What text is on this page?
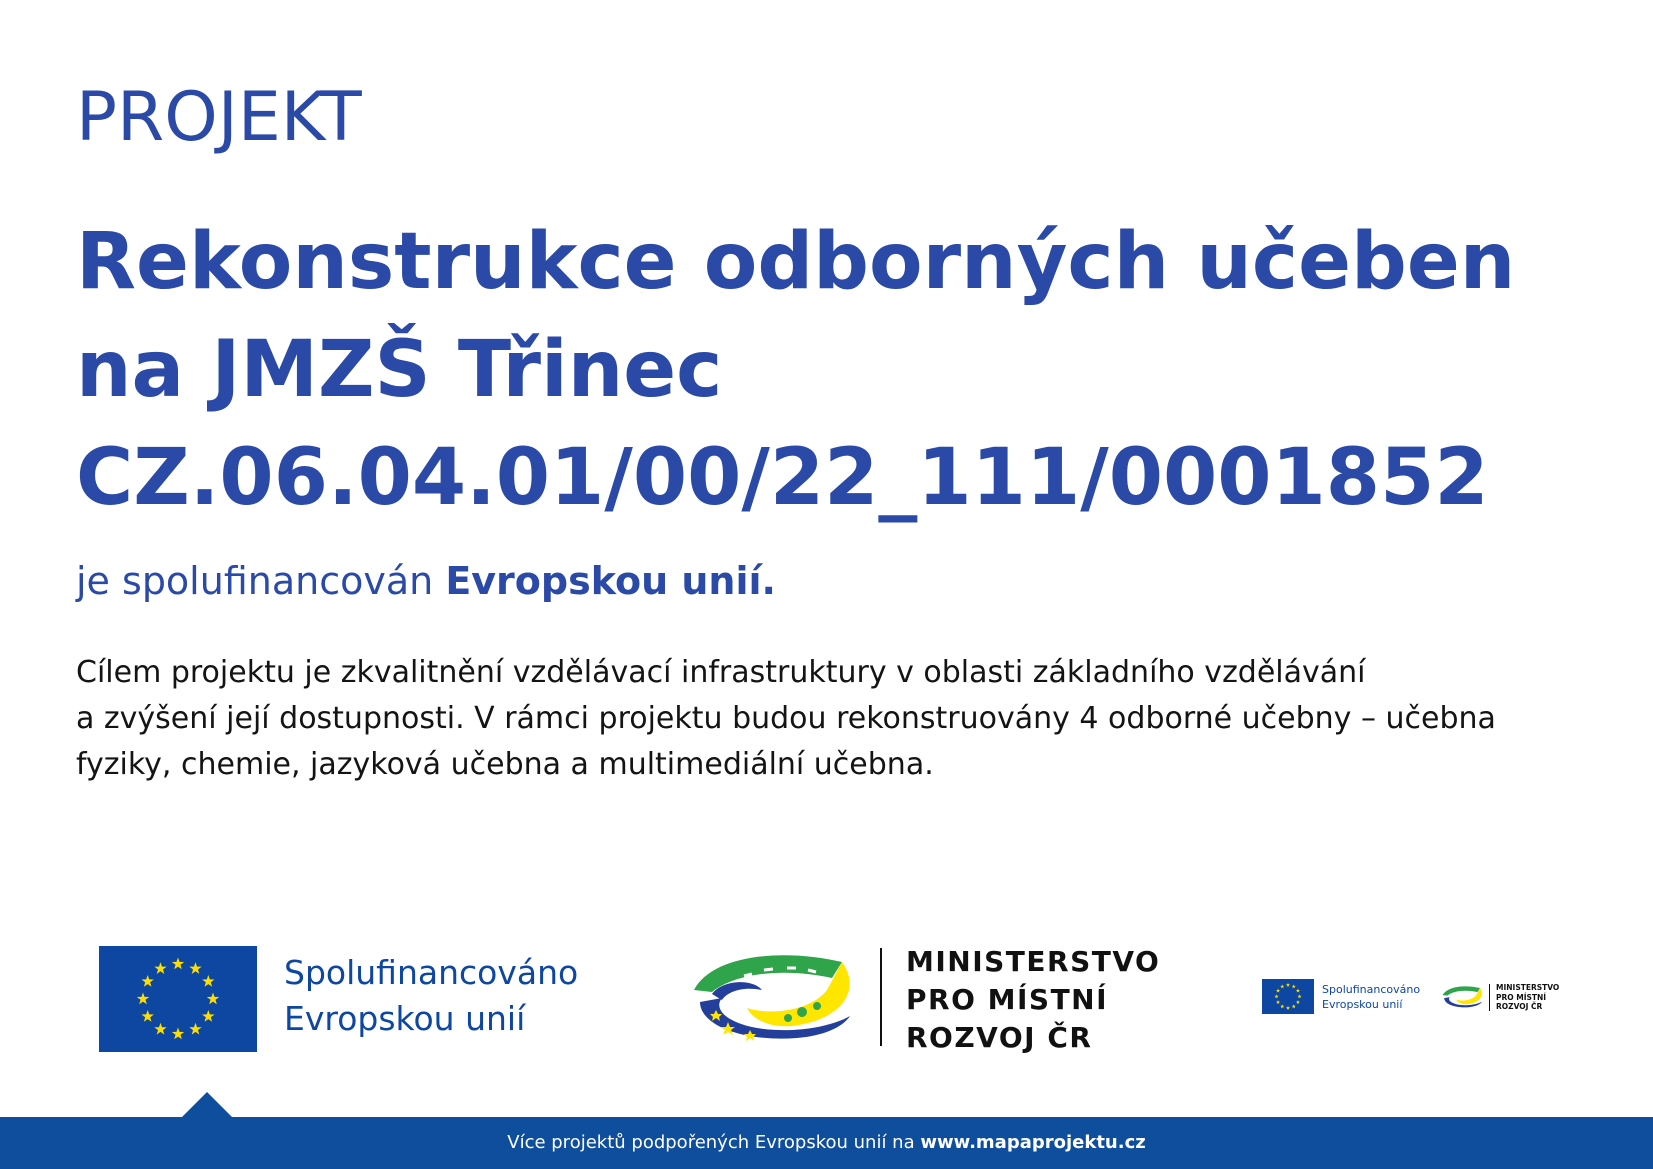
PROJEKT
Rekonstrukce odborných učeben
na JMZŠ Třinec
CZ.06.04.01/00/22_111/0001852
je spolufinancován Evropskou unií.
Cílem projektu je zkvalitnění vzdělávací infrastruktury v oblasti základního vzdělávání
a zvýšení její dostupnosti. V rámci projektu budou rekonstruovány 4 odborné učebny – učebna
fyziky, chemie, jazyková učebna a multimediální učebna.
Spolufinancováno
Evropskou unií
MINISTERSTVO
PRO MÍSTNÍ
ROZVOJ ČR
Spolufinancováno
Evropskou unií
MINISTERSTVO
PRO MÍSTNÍ
ROZVOJ ČR
Více projektů podpořených Evropskou unií na www.mapaprojektu.cz
